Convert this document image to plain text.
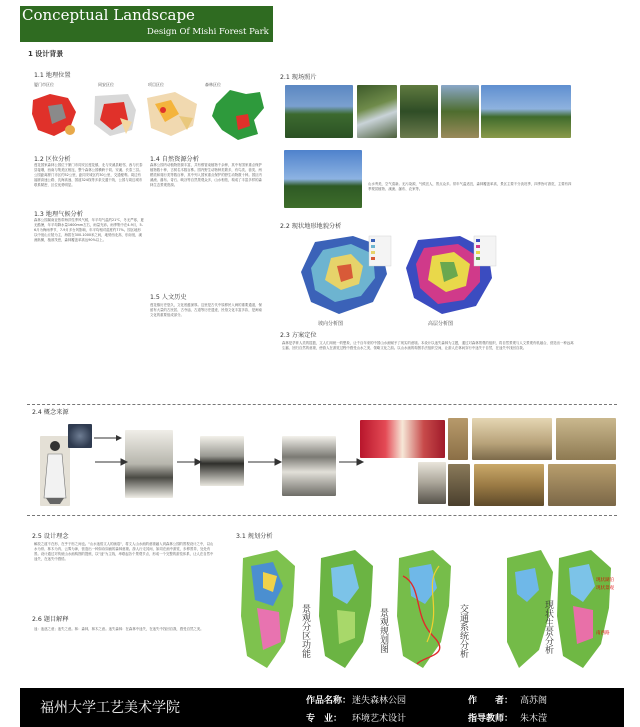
Conceptual Landscape
Design Of Mishi Forest Park
1 设计背景
1.1 地理位置
厦门市区位	同安区位	项目区位	森林区位
1.2 区位分析
莲花国家森林公园位于厦门市同安区莲花镇，北与安溪县毗邻，西与长泰县接壤，西南与集美区相连，整个森林公园横跨于同、安溪、长泰三县。公园距离厦门市区约52公里，距同安城区约30公里，交通便利。周边有福厦高速公路、沈海高速、国道324线等多条交通干线，公园与周边城市联系紧密，区位优势明显。
1.3 地理气候分析
森林公园属南亚热带海洋性季风气候，年平均气温约21℃，冬无严寒，夏无酷暑，年平均降水量1600mm左右，雨量充沛。雨季集中在4-9月，5-6月为梅雨季节，7-9月多台风影响，年平均相对湿度约77%。园区地形以中低山丘陵为主，海拔在300-1000米之间，地势西北高、东南低，溪流纵横，植被茂密，森林覆盖率高达90%以上。
1.4 自然资源分析
森林公园内动植物资源丰富，共有维管束植物千余种，其中有国家重点保护植物数十种，古树名木数百株。园内野生动物种类繁多，有鸟类、兽类、两栖类和爬行类等数百种，其中列入国家重点保护的野生动物数十种。园区内溪流、瀑布、奇石、峡谷等自然景观众多，山水相依，构成了丰富多样的森林生态景观资源。
1.5 人文历史
莲花镇历史悠久，文化底蕴深厚。这里是古代中原移民入闽的重要通道，保留有大量的古民居、古寺庙、古道等历史遗迹，民俗文化丰富多彩，是闽南文化的重要组成部分。
2.1 现场照片
山水秀美，空气清新。无污染源，气候宜人，景点众多。常年气温适宜，森林覆盖率高，景区主要不分淡旺季，四季皆可游览，主要有四季观赏植物、溪流、瀑布、农家等。
2.2 现状地形地貌分析
坡向分析图	高层分析图
2.3 方案定位
森林是孕育人类的摇篮，文人们用统一的想象，让千百年来的中国山水画赋予了现实的意境。本设计以迷失森林为主题，通过对森林景观的组织，将自然景观与人文景观有机融合，营造出一种远离尘嚣、回归自然的意境，使游人在游览过程中感受山水之美、领略文化之韵。以山水画的构图手法组织空间，让游人在林间穿行中迷失于自然，在迷失中找回自我。
2.4 概念来源
2.5 设计理念
解放之道不在形，在乎于形之间也。"山水迷悟文人的画卷"，将文人山水画的意境融入到森林公园的景观设计之中，以山水为骨、林木为肉、云雾为神，营造出一种如诗如画的森林意境。游人行走其间，如同在画中游览，步移景异，处处有景。设计通过对传统山水画构图的提炼，以"迷"为主线，串联起各个景观节点，形成一个完整的游览体系，让人在自然中迷失，在迷失中感悟。
2.6 题目解释
迷：迷惑之意；迷失之意。林：森林，林木之意。迷失森林：在森林中迷失，在迷失中找回自我，感受自然之美。
3.1 规划分析
景观分区功能	景观规划图	交通系统分析	现状生景分析
现状湖泊
现状景观
南西路
福州大学工艺美术学院	作品名称： 迷失森林公园
专　业： 环境艺术设计
作　　者： 高苏阁
指导教师： 朱木滢
